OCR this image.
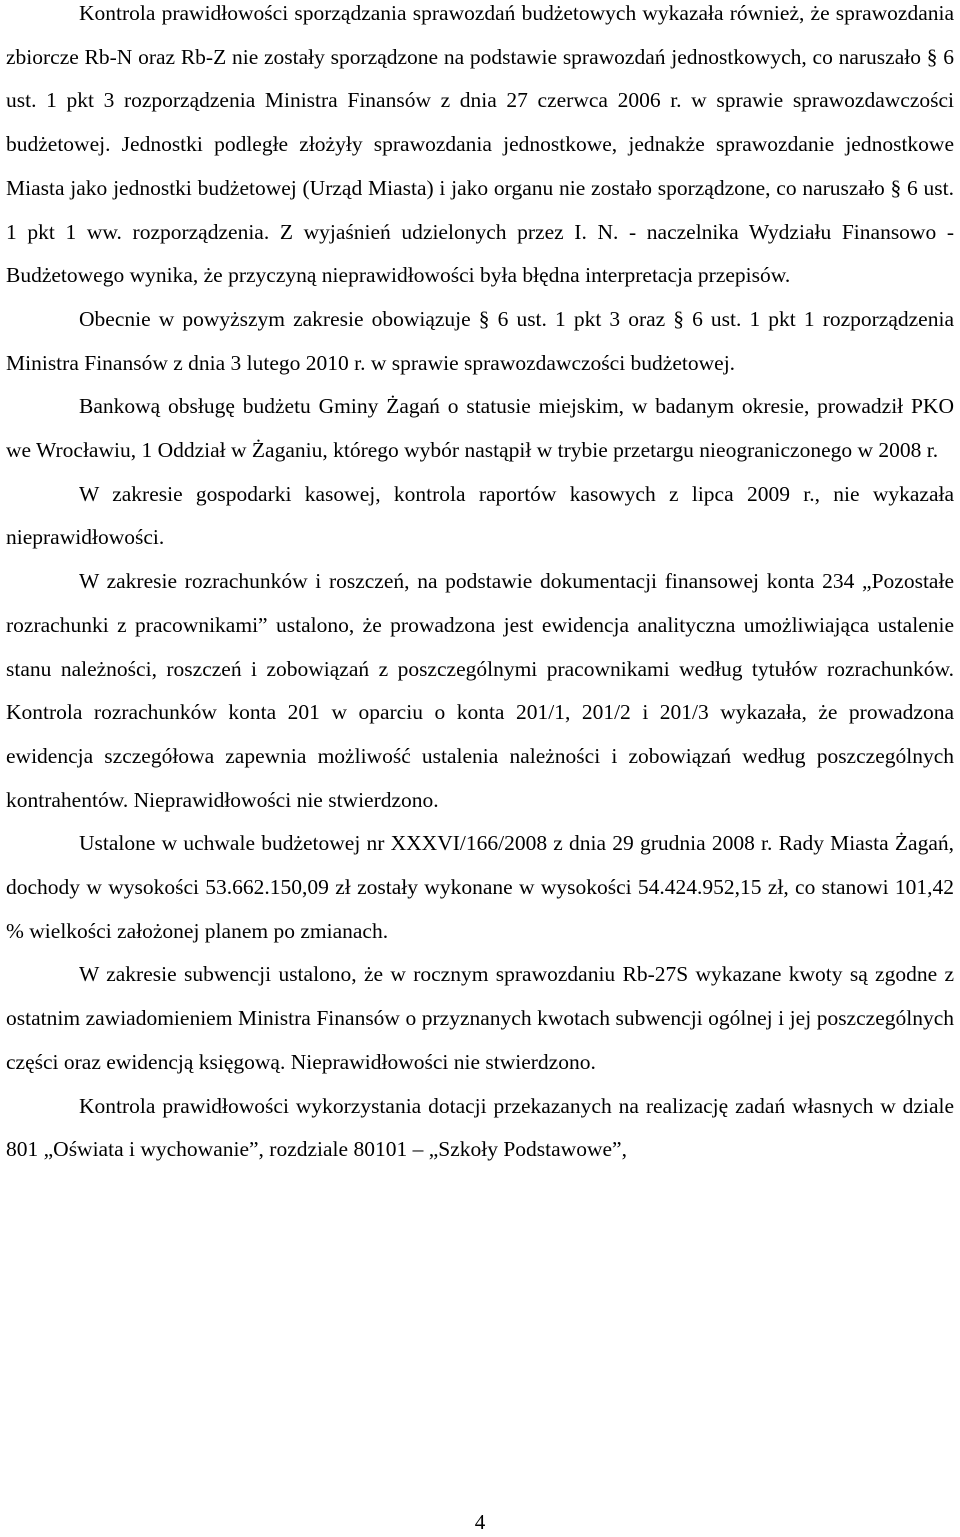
Kontrola prawidłowości sporządzania sprawozdań budżetowych wykazała również, że sprawozdania zbiorcze Rb-N oraz Rb-Z nie zostały sporządzone na podstawie sprawozdań jednostkowych, co naruszało § 6 ust. 1 pkt 3 rozporządzenia Ministra Finansów z dnia 27 czerwca 2006 r. w sprawie sprawozdawczości budżetowej. Jednostki podległe złożyły sprawozdania jednostkowe, jednakże sprawozdanie jednostkowe Miasta jako jednostki budżetowej (Urząd Miasta) i jako organu nie zostało sporządzone, co naruszało § 6 ust. 1 pkt 1 ww. rozporządzenia. Z wyjaśnień udzielonych przez I. N. - naczelnika Wydziału Finansowo - Budżetowego wynika, że przyczyną nieprawidłowości była błędna interpretacja przepisów.

Obecnie w powyższym zakresie obowiązuje § 6 ust. 1 pkt 3 oraz § 6 ust. 1 pkt 1 rozporządzenia Ministra Finansów z dnia 3 lutego 2010 r. w sprawie sprawozdawczości budżetowej.

Bankową obsługę budżetu Gminy Żagań o statusie miejskim, w badanym okresie, prowadził PKO we Wrocławiu, 1 Oddział w Żaganiu, którego wybór nastąpił w trybie przetargu nieograniczonego w 2008 r.

W zakresie gospodarki kasowej, kontrola raportów kasowych z lipca 2009 r., nie wykazała nieprawidłowości.

W zakresie rozrachunków i roszczeń, na podstawie dokumentacji finansowej konta 234 „Pozostałe rozrachunki z pracownikami” ustalono, że prowadzona jest ewidencja analityczna umożliwiająca ustalenie stanu należności, roszczeń i zobowiązań z poszczególnymi pracownikami według tytułów rozrachunków. Kontrola rozrachunków konta 201 w oparciu o konta 201/1, 201/2 i 201/3 wykazała, że prowadzona ewidencja szczegółowa zapewnia możliwość ustalenia należności i zobowiązań według poszczególnych kontrahentów. Nieprawidłowości nie stwierdzono.

Ustalone w uchwale budżetowej nr XXXVI/166/2008 z dnia 29 grudnia 2008 r. Rady Miasta Żagań, dochody w wysokości 53.662.150,09 zł zostały wykonane w wysokości 54.424.952,15 zł, co stanowi 101,42 % wielkości założonej planem po zmianach.

W zakresie subwencji ustalono, że w rocznym sprawozdaniu Rb-27S wykazane kwoty są zgodne z ostatnim zawiadomieniem Ministra Finansów o przyznanych kwotach subwencji ogólnej i jej poszczególnych części oraz ewidencją księgową. Nieprawidłowości nie stwierdzono.

Kontrola prawidłowości wykorzystania dotacji przekazanych na realizację zadań własnych w dziale 801 „Oświata i wychowanie”, rozdziale 80101 – „Szkoły Podstawowe”,

4
